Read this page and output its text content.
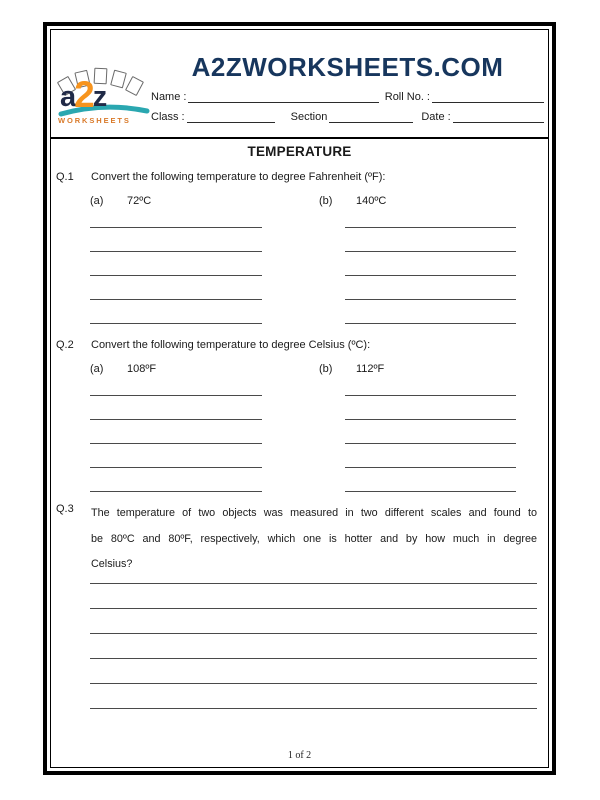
a2z
WORKSHEETS
A2ZWORKSHEETS.COM
Name :	Roll No. :
Class :	Section	Date :
TEMPERATURE
Q.1	Convert the following temperature to degree Fahrenheit (ºF):
(a)	72ºC	(b)	140ºC
Q.2	Convert the following temperature to degree Celsius (ºC):
(a)	108ºF	(b)	112ºF
Q.3	The temperature of two objects was measured in two different scales and found to
be 80ºC and 80ºF, respectively, which one is hotter and by how much in degree
Celsius?
1 of 2
